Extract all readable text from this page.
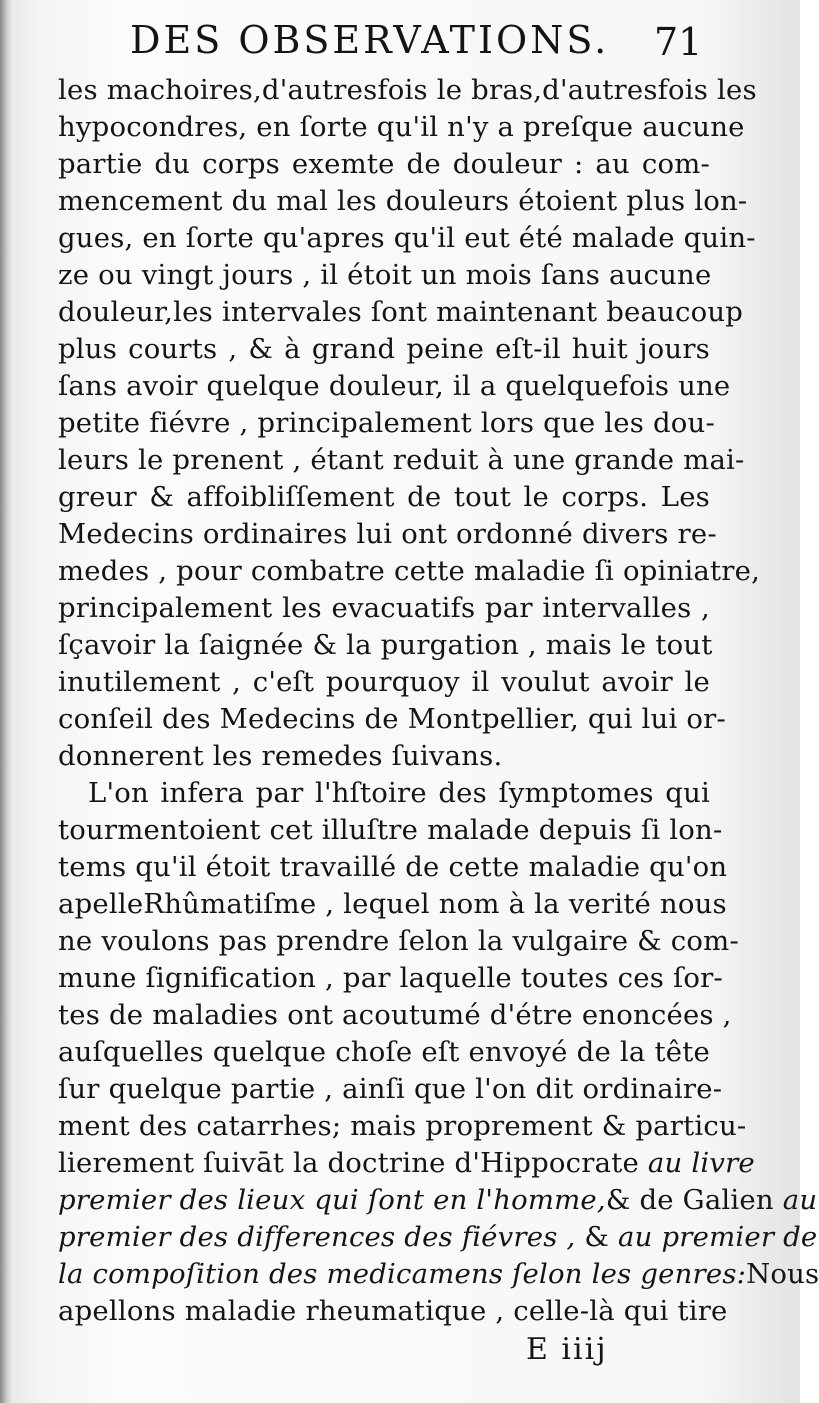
DES OBSERVATIONS. 71
les machoires,d'autresfois le bras,d'autresfois les
hypocondres, en ſorte qu'il n'y a preſque aucune
partie du corps exemte de douleur : au com-
mencement du mal les douleurs étoient plus lon-
gues, en ſorte qu'apres qu'il eut été malade quin-
ze ou vingt jours , il étoit un mois ſans aucune
douleur,les intervales ſont maintenant beaucoup
plus courts , & à grand peine eſt-il huit jours
ſans avoir quelque douleur, il a quelquefois une
petite fiévre , principalement lors que les dou-
leurs le prenent , étant reduit à une grande mai-
greur & affoibliſſement de tout le corps. Les
Medecins ordinaires lui ont ordonné divers re-
medes , pour combatre cette maladie ſi opiniatre,
principalement les evacuatifs par intervalles ,
ſçavoir la ſaignée & la purgation , mais le tout
inutilement , c'eſt pourquoy il voulut avoir le
conſeil des Medecins de Montpellier, qui lui or-
donnerent les remedes ſuivans.
L'on infera par l'hſtoire des ſymptomes qui
tourmentoient cet illuſtre malade depuis ſi lon-
tems qu'il étoit travaillé de cette maladie qu'on
apelleRhûmatiſme , lequel nom à la verité nous
ne voulons pas prendre ſelon la vulgaire & com-
mune ſignification , par laquelle toutes ces ſor-
tes de maladies ont acoutumé d'étre enoncées ,
auſquelles quelque choſe eſt envoyé de la tête
ſur quelque partie , ainſi que l'on dit ordinaire-
ment des catarrhes; mais proprement & particu-
lierement ſuivāt la doctrine d'Hippocrate au livre
premier des lieux qui ſont en l'homme,& de Galien au
premier des differences des fiévres , & au premier de
la compoſition des medicamens ſelon les genres:Nous
apellons maladie rheumatique , celle-là qui tire
E iiij
